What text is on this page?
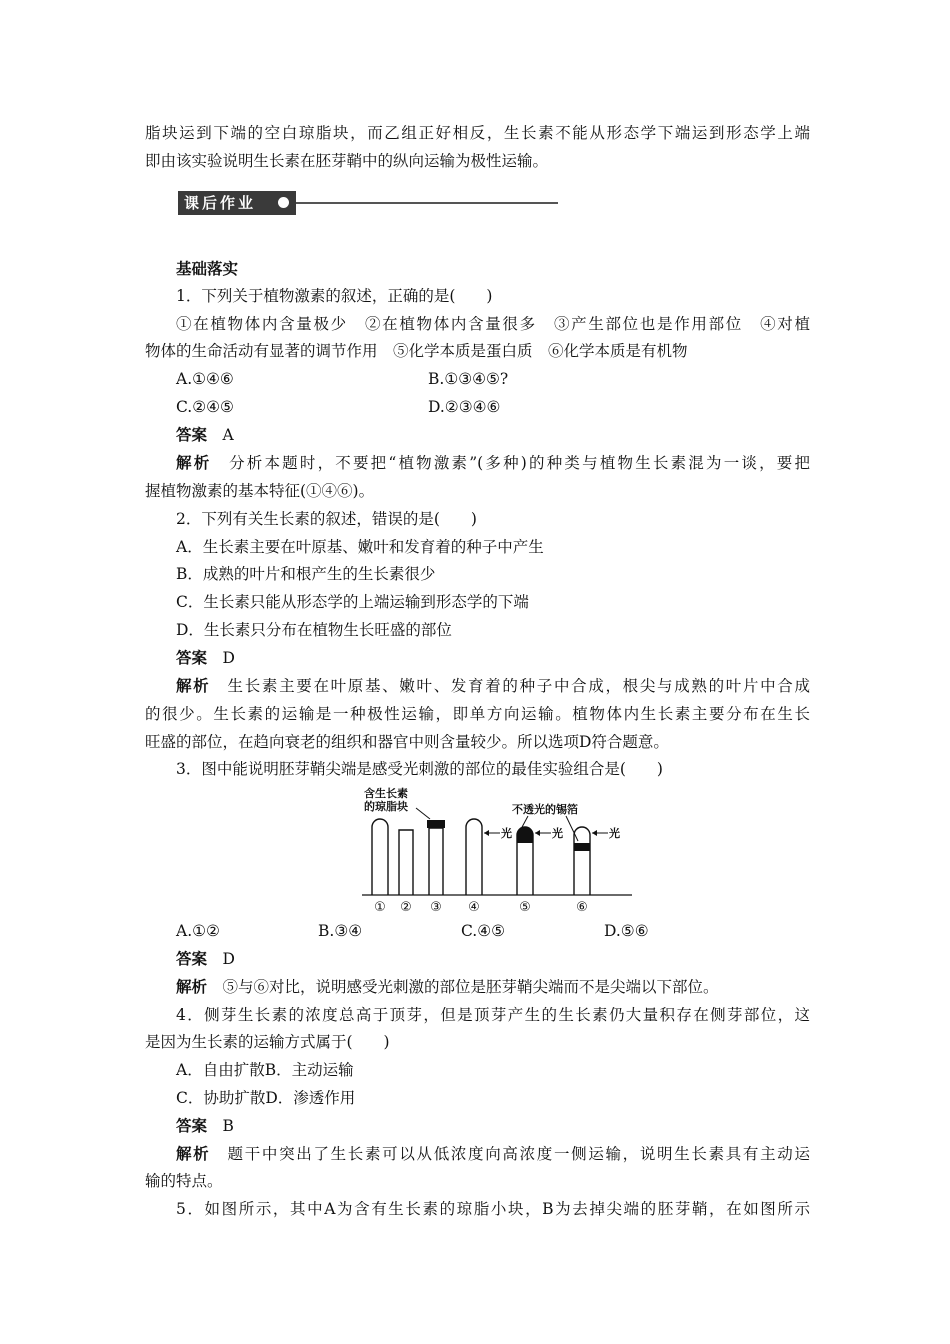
脂块运到下端的空白琼脂块，而乙组正好相反，生长素不能从形态学下端运到形态学上端
即由该实验说明生长素在胚芽鞘中的纵向运输为极性运输。
课后作业
基础落实
1．下列关于植物激素的叙述，正确的是(　　)
①在植物体内含量极少　②在植物体内含量很多　③产生部位也是作用部位　④对植
物体的生命活动有显著的调节作用　⑤化学本质是蛋白质　⑥化学本质是有机物
A.①④⑥	B.①③④⑤?
C.②④⑤	D.②③④⑥
答案　 A
解析　 分析本题时，不要把“植物激素”(多种)的种类与植物生长素混为一谈，要把
握植物激素的基本特征(①④⑥)。
2．下列有关生长素的叙述，错误的是(　　)
A．生长素主要在叶原基、嫩叶和发育着的种子中产生
B．成熟的叶片和根产生的生长素很少
C．生长素只能从形态学的上端运输到形态学的下端
D．生长素只分布在植物生长旺盛的部位
答案　 D
解析　 生长素主要在叶原基、嫩叶、发育着的种子中合成，根尖与成熟的叶片中合成
的很少。生长素的运输是一种极性运输，即单方向运输。植物体内生长素主要分布在生长
旺盛的部位，在趋向衰老的组织和器官中则含量较少。所以选项D符合题意。
3．图中能说明胚芽鞘尖端是感受光刺激的部位的最佳实验组合是(　　)
含生长素
的琼脂块	不透光的锡箔
光	光	光
① ② ③ ④	⑤	⑥
A.①②	B.③④	C.④⑤	D.⑤⑥
答案　 D
解析　 ⑤与⑥对比，说明感受光刺激的部位是胚芽鞘尖端而不是尖端以下部位。
4．侧芽生长素的浓度总高于顶芽，但是顶芽产生的生长素仍大量积存在侧芽部位，这
是因为生长素的运输方式属于(　　)
A．自由扩散B．主动运输
C．协助扩散D．渗透作用
答案　 B
解析　 题干中突出了生长素可以从低浓度向高浓度一侧运输，说明生长素具有主动运
输的特点。
5．如图所示，其中A为含有生长素的琼脂小块，B为去掉尖端的胚芽鞘，在如图所示
